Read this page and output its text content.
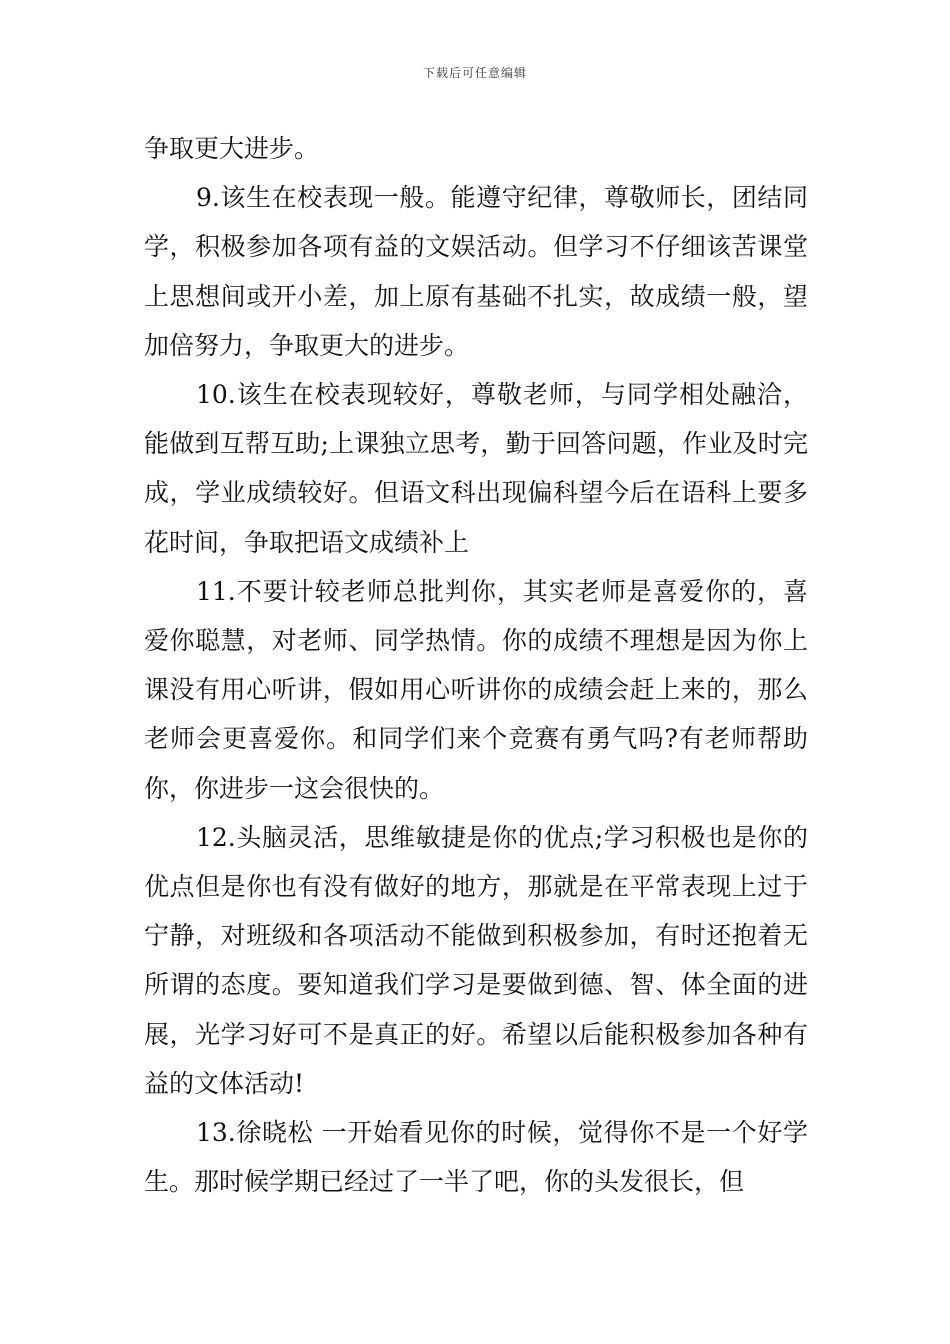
下载后可任意编辑

争取更大进步。

9.该生在校表现一般。能遵守纪律，尊敬师长，团结同学，积极参加各项有益的文娱活动。但学习不仔细该苦课堂上思想间或开小差，加上原有基础不扎实，故成绩一般，望加倍努力，争取更大的进步。

10.该生在校表现较好，尊敬老师，与同学相处融洽，能做到互帮互助;上课独立思考，勤于回答问题，作业及时完成，学业成绩较好。但语文科出现偏科望今后在语科上要多花时间，争取把语文成绩补上

11.不要计较老师总批判你，其实老师是喜爱你的，喜爱你聪慧，对老师、同学热情。你的成绩不理想是因为你上课没有用心听讲，假如用心听讲你的成绩会赶上来的，那么老师会更喜爱你。和同学们来个竞赛有勇气吗?有老师帮助你，你进步一这会很快的。

12.头脑灵活，思维敏捷是你的优点;学习积极也是你的优点但是你也有没有做好的地方，那就是在平常表现上过于宁静，对班级和各项活动不能做到积极参加，有时还抱着无所谓的态度。要知道我们学习是要做到德、智、体全面的进展，光学习好可不是真正的好。希望以后能积极参加各种有益的文体活动!

13.徐晓松 一开始看见你的时候，觉得你不是一个好学生。那时候学期已经过了一半了吧，你的头发很长，但
